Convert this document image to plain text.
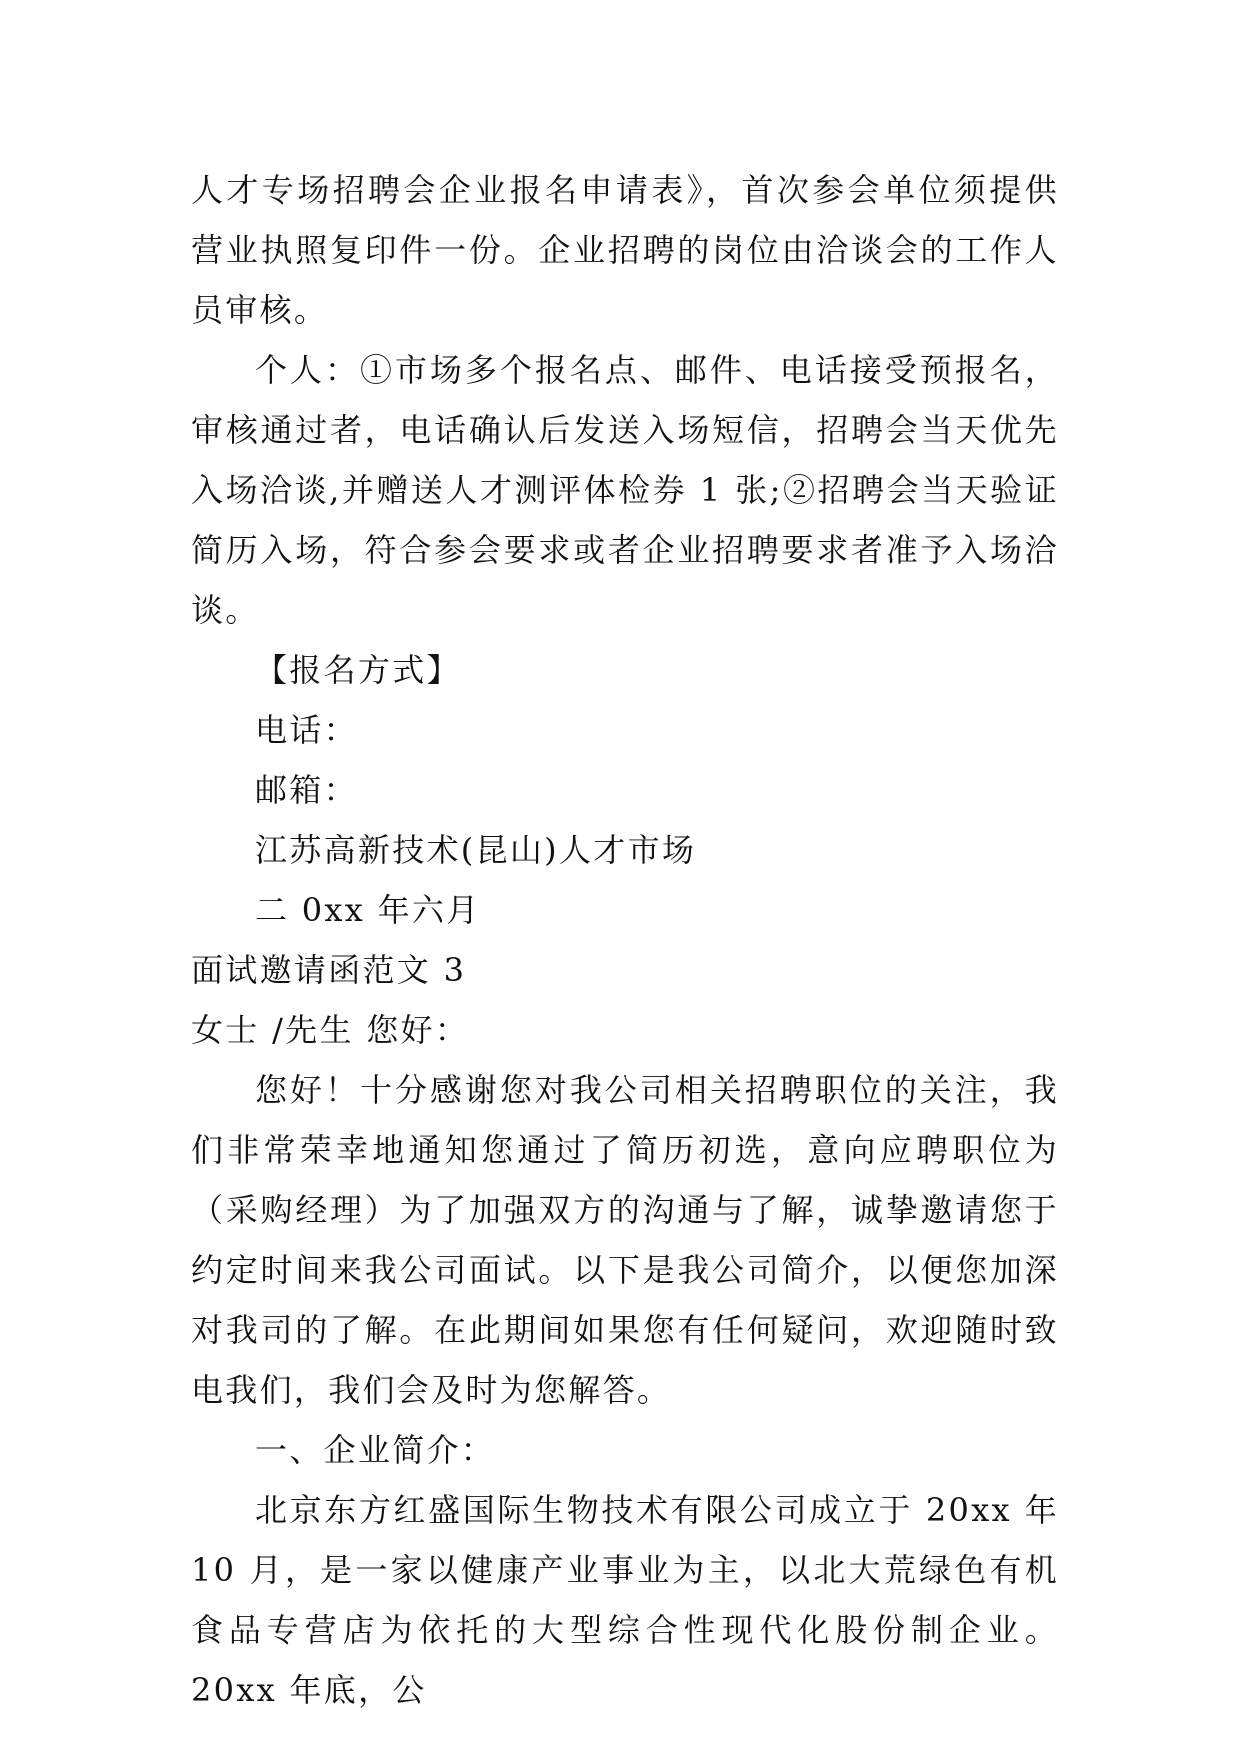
人才专场招聘会企业报名申请表》，首次参会单位须提供营业执照复印件一份。企业招聘的岗位由洽谈会的工作人员审核。

个人：①市场多个报名点、邮件、电话接受预报名，审核通过者，电话确认后发送入场短信，招聘会当天优先入场洽谈,并赠送人才测评体检券 1 张;②招聘会当天验证简历入场，符合参会要求或者企业招聘要求者准予入场洽谈。

【报名方式】

电话：

邮箱：

江苏高新技术(昆山)人才市场

二 0xx 年六月

面试邀请函范文 3

女士 /先生 您好：

您好！十分感谢您对我公司相关招聘职位的关注，我们非常荣幸地通知您通过了简历初选，意向应聘职位为（采购经理）为了加强双方的沟通与了解，诚挚邀请您于约定时间来我公司面试。以下是我公司简介，以便您加深对我司的了解。在此期间如果您有任何疑问，欢迎随时致电我们，我们会及时为您解答。

一、企业简介：

北京东方红盛国际生物技术有限公司成立于 20xx 年 10 月，是一家以健康产业事业为主，以北大荒绿色有机食品专营店为依托的大型综合性现代化股份制企业。20xx 年底，公
